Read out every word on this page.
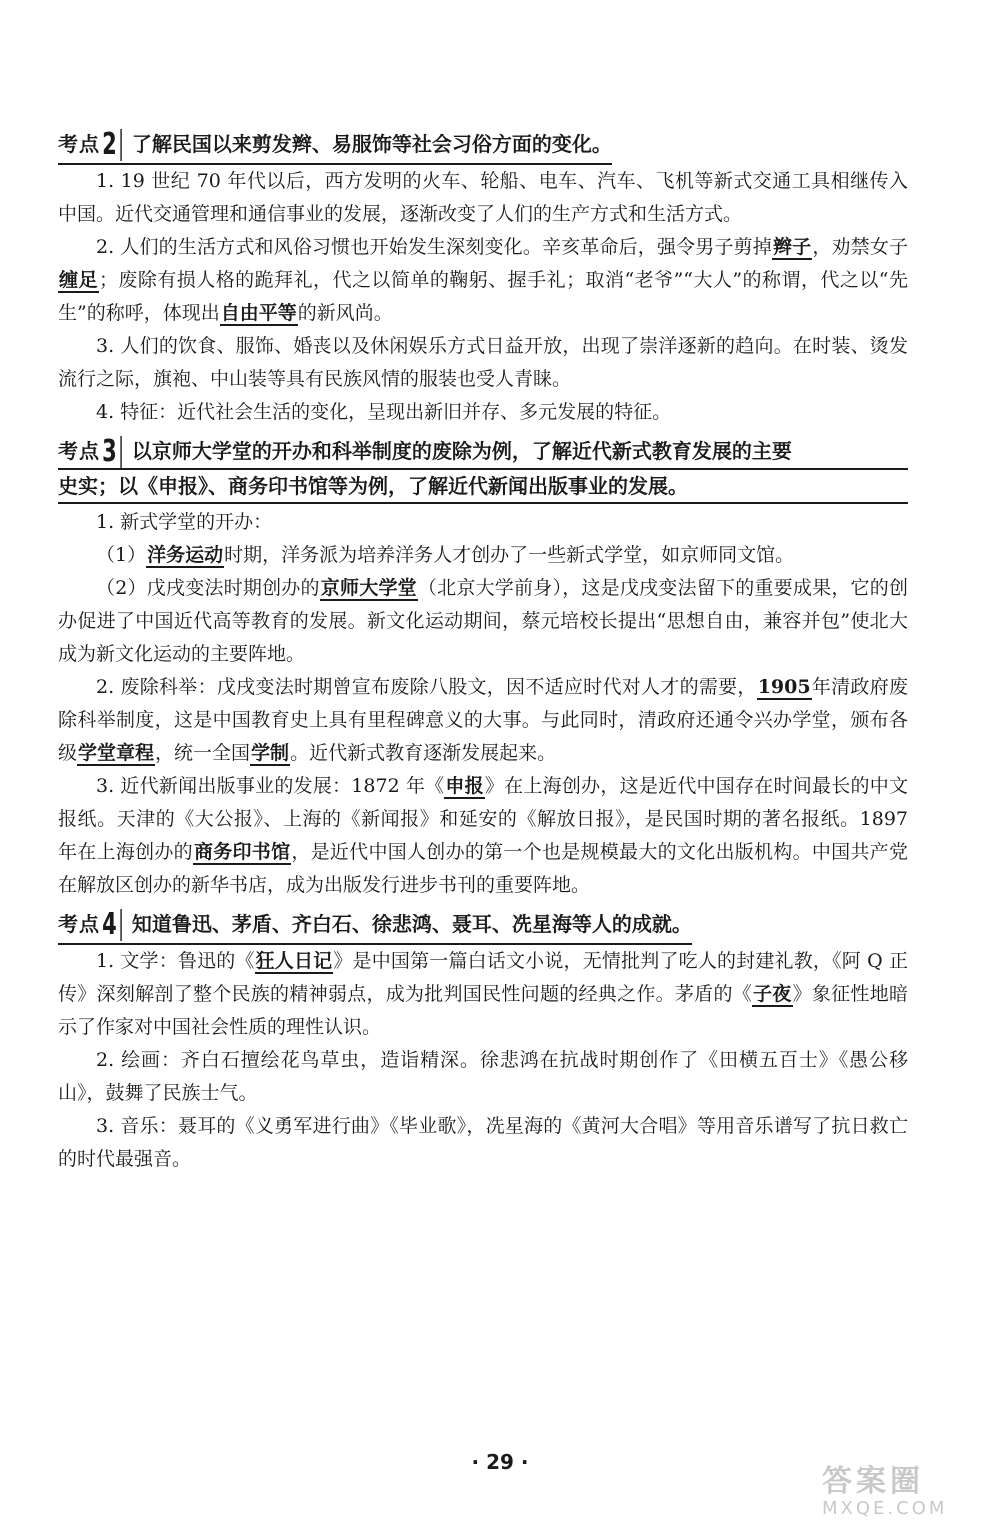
考点2 了解民国以来剪发辫、易服饰等社会习俗方面的变化。

1. 19 世纪 70 年代以后，西方发明的火车、轮船、电车、汽车、飞机等新式交通工具相继传入中国。近代交通管理和通信事业的发展，逐渐改变了人们的生产方式和生活方式。

2. 人们的生活方式和风俗习惯也开始发生深刻变化。辛亥革命后，强令男子剪掉辫子，劝禁女子缠足；废除有损人格的跪拜礼，代之以简单的鞠躬、握手礼；取消“老爷”“大人”的称谓，代之以“先生”的称呼，体现出自由平等的新风尚。

3. 人们的饮食、服饰、婚丧以及休闲娱乐方式日益开放，出现了崇洋逐新的趋向。在时装、烫发流行之际，旗袍、中山装等具有民族风情的服装也受人青睐。

4. 特征：近代社会生活的变化，呈现出新旧并存、多元发展的特征。

考点3 以京师大学堂的开办和科举制度的废除为例，了解近代新式教育发展的主要
史实；以《申报》、商务印书馆等为例，了解近代新闻出版事业的发展。

1. 新式学堂的开办：

（1）洋务运动时期，洋务派为培养洋务人才创办了一些新式学堂，如京师同文馆。

（2）戊戌变法时期创办的京师大学堂（北京大学前身），这是戊戌变法留下的重要成果，它的创办促进了中国近代高等教育的发展。新文化运动期间，蔡元培校长提出“思想自由，兼容并包”使北大成为新文化运动的主要阵地。

2. 废除科举：戊戌变法时期曾宣布废除八股文，因不适应时代对人才的需要，1905年清政府废除科举制度，这是中国教育史上具有里程碑意义的大事。与此同时，清政府还通令兴办学堂，颁布各级学堂章程，统一全国学制。近代新式教育逐渐发展起来。

3. 近代新闻出版事业的发展：1872 年《申报》在上海创办，这是近代中国存在时间最长的中文报纸。天津的《大公报》、上海的《新闻报》和延安的《解放日报》，是民国时期的著名报纸。1897 年在上海创办的商务印书馆，是近代中国人创办的第一个也是规模最大的文化出版机构。中国共产党在解放区创办的新华书店，成为出版发行进步书刊的重要阵地。

考点4 知道鲁迅、茅盾、齐白石、徐悲鸿、聂耳、冼星海等人的成就。

1. 文学：鲁迅的《狂人日记》是中国第一篇白话文小说，无情批判了吃人的封建礼教，《阿 Q 正传》深刻解剖了整个民族的精神弱点，成为批判国民性问题的经典之作。茅盾的《子夜》象征性地暗示了作家对中国社会性质的理性认识。

2. 绘画：齐白石擅绘花鸟草虫，造诣精深。徐悲鸿在抗战时期创作了《田横五百士》《愚公移山》，鼓舞了民族士气。

3. 音乐：聂耳的《义勇军进行曲》《毕业歌》，冼星海的《黄河大合唱》等用音乐谱写了抗日救亡的时代最强音。

· 29 ·
答案圈
MXQE.COM
